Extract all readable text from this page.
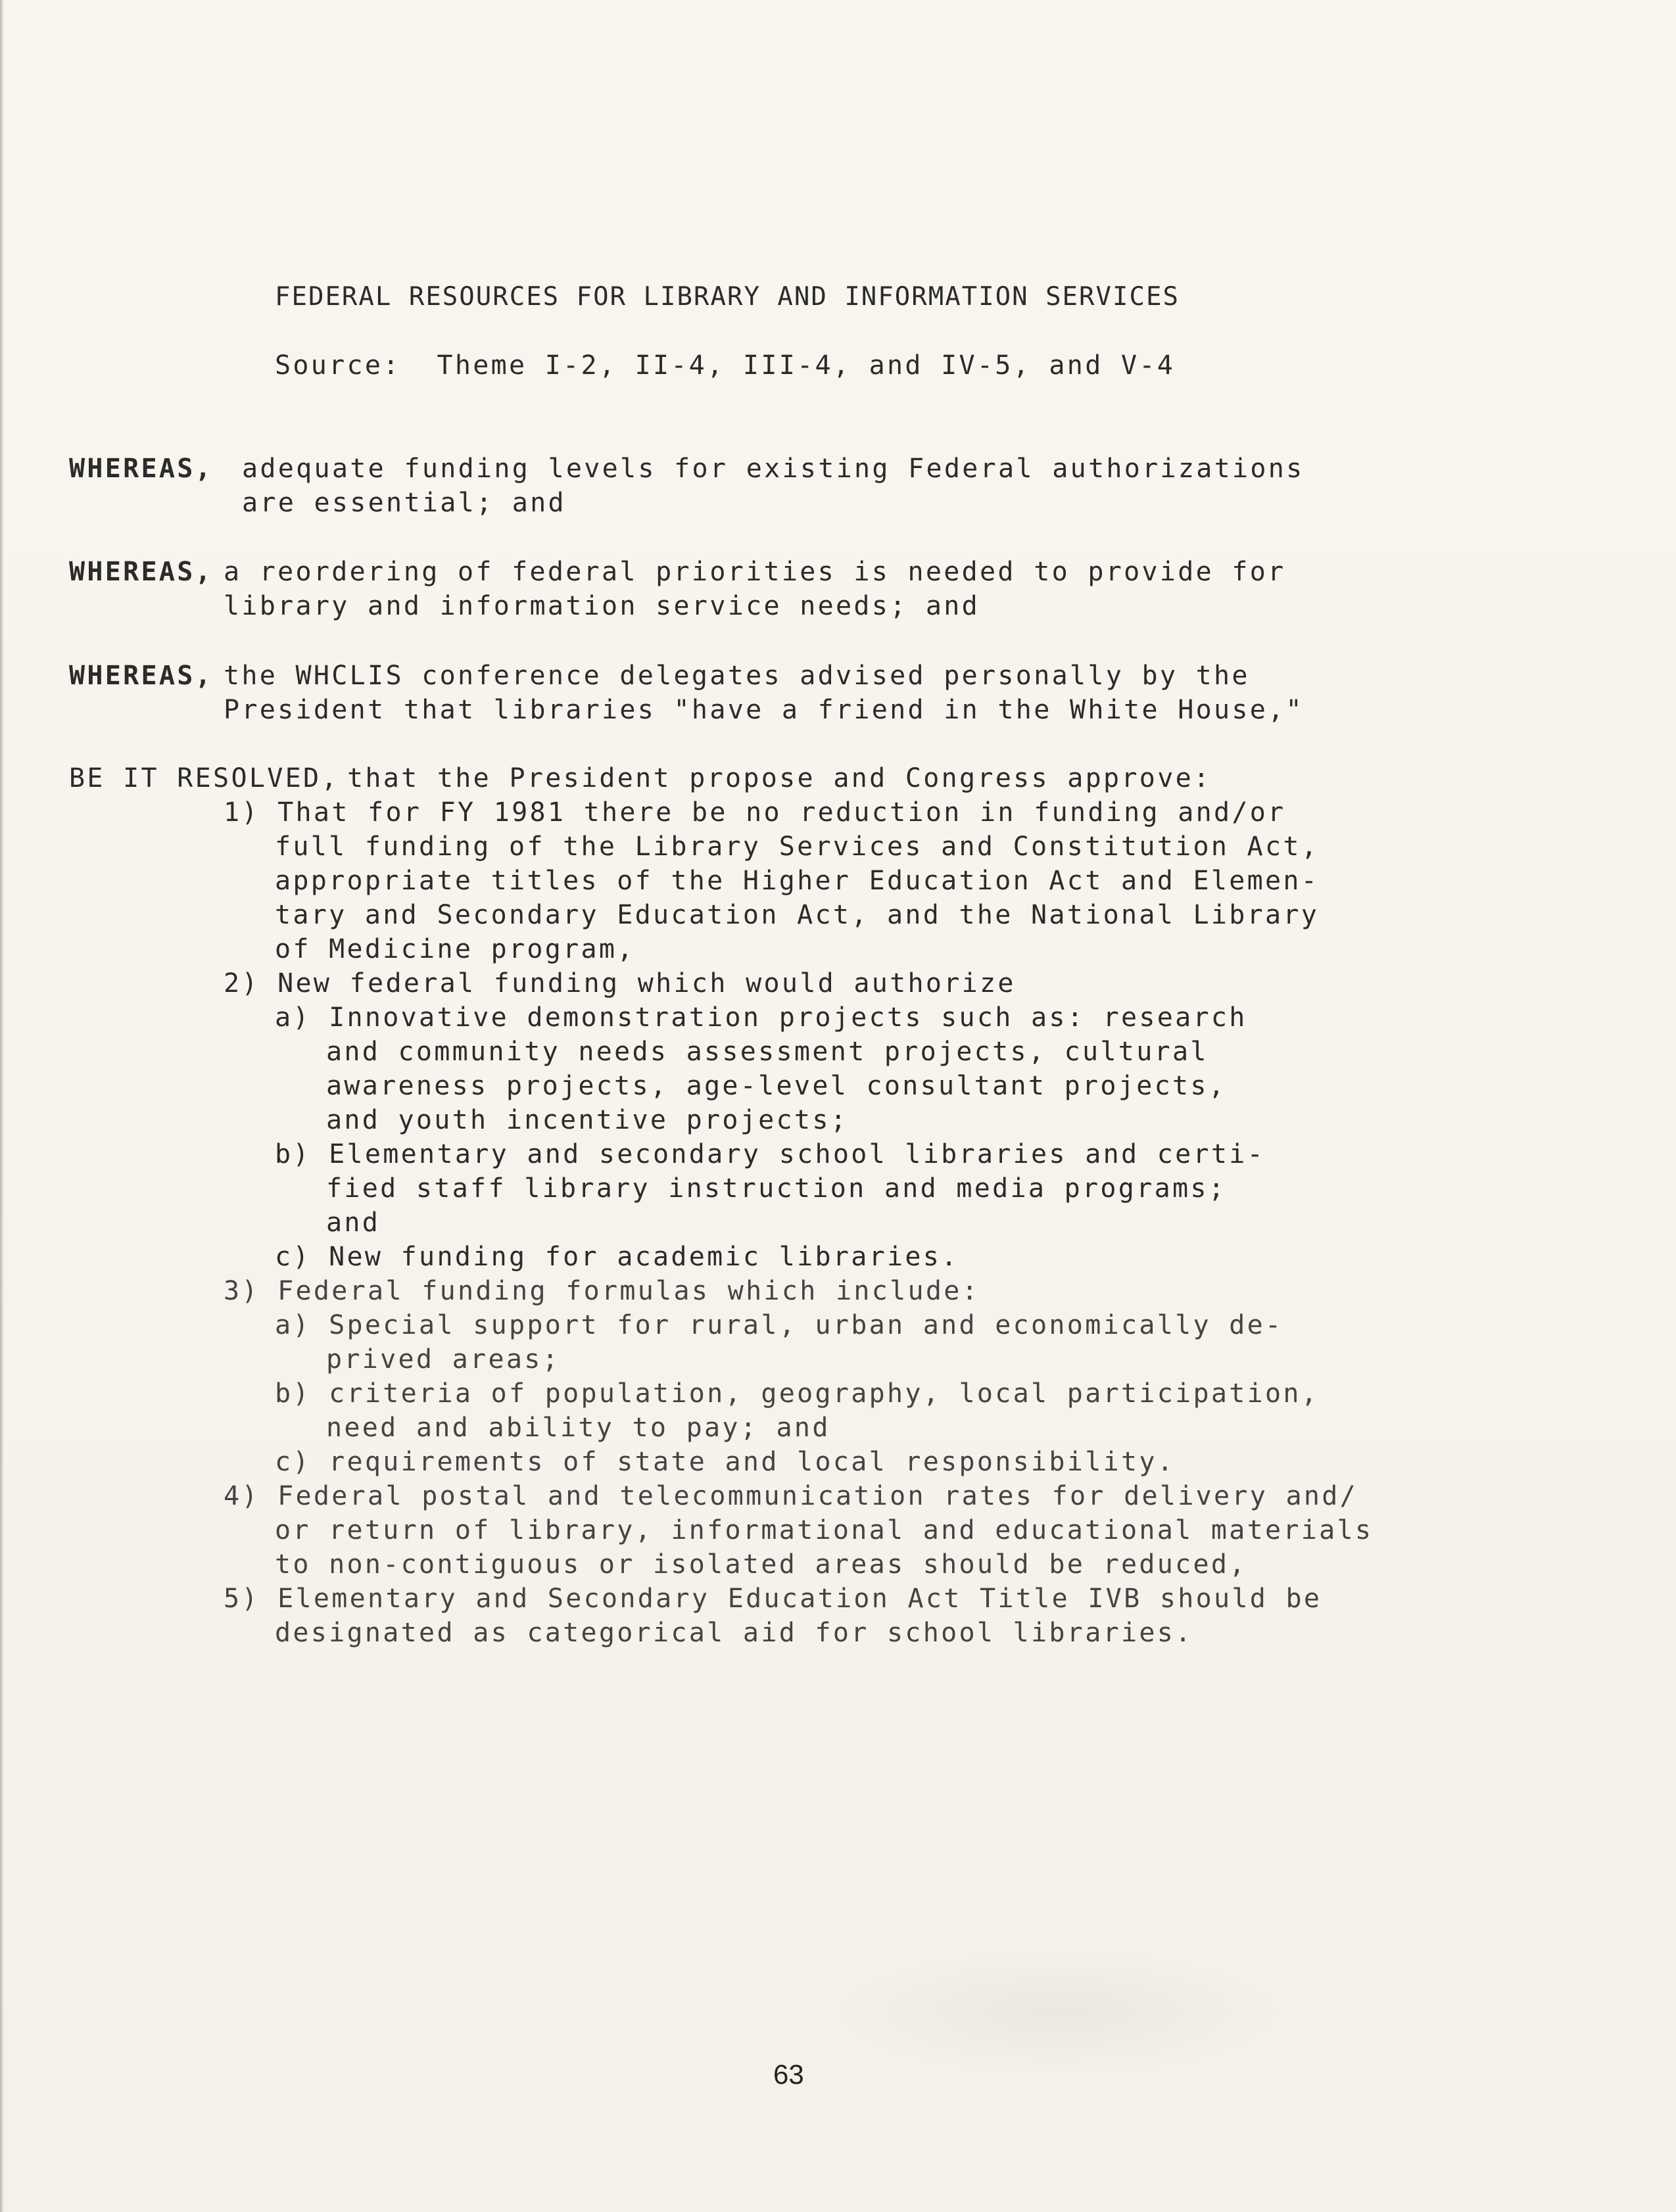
FEDERAL RESOURCES FOR LIBRARY AND INFORMATION SERVICES
Source:  Theme I-2, II-4, III-4, and IV-5, and V-4
WHEREAS, adequate funding levels for existing Federal authorizations
are essential; and
WHEREAS, a reordering of federal priorities is needed to provide for
library and information service needs; and
WHEREAS, the WHCLIS conference delegates advised personally by the
President that libraries "have a friend in the White House,"
BE IT RESOLVED, that the President propose and Congress approve:
1) That for FY 1981 there be no reduction in funding and/or
full funding of the Library Services and Constitution Act,
appropriate titles of the Higher Education Act and Elemen-
tary and Secondary Education Act, and the National Library
of Medicine program,
2) New federal funding which would authorize
a) Innovative demonstration projects such as: research
and community needs assessment projects, cultural
awareness projects, age-level consultant projects,
and youth incentive projects;
b) Elementary and secondary school libraries and certi-
fied staff library instruction and media programs;
and
c) New funding for academic libraries.
3) Federal funding formulas which include:
a) Special support for rural, urban and economically de-
prived areas;
b) criteria of population, geography, local participation,
need and ability to pay; and
c) requirements of state and local responsibility.
4) Federal postal and telecommunication rates for delivery and/
or return of library, informational and educational materials
to non-contiguous or isolated areas should be reduced,
5) Elementary and Secondary Education Act Title IVB should be
designated as categorical aid for school libraries.
63
